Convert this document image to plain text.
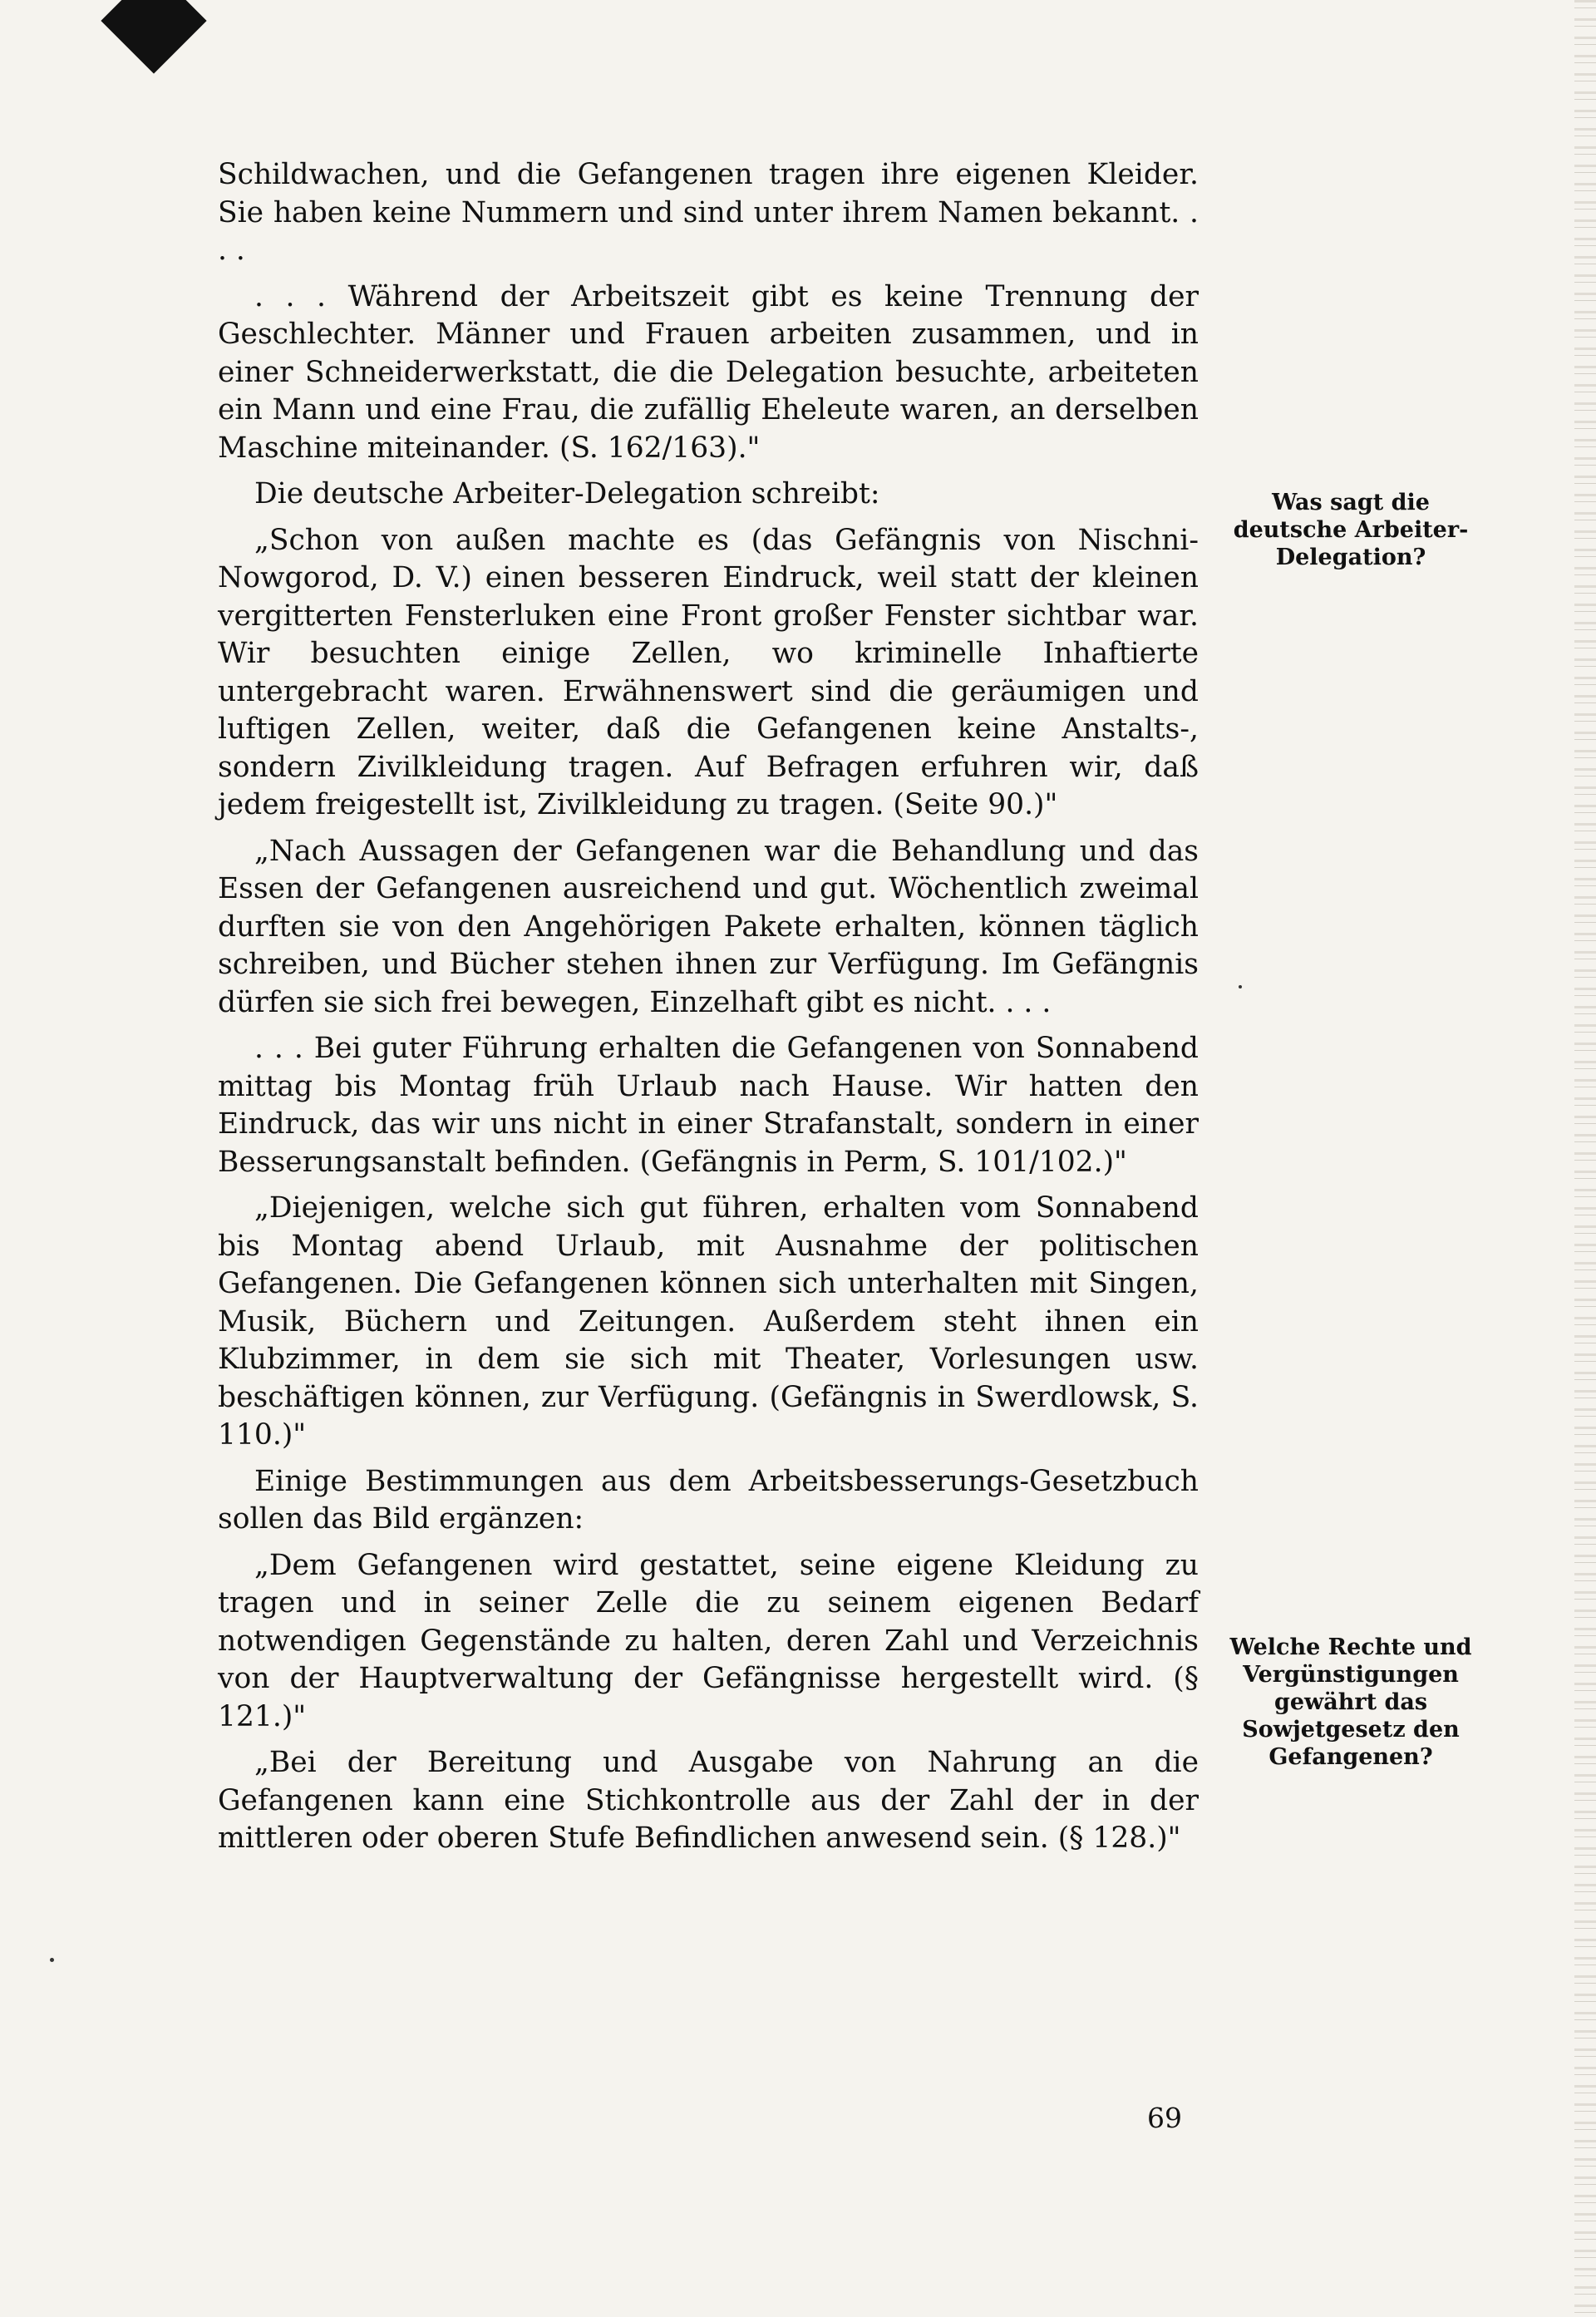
Schildwachen, und die Gefangenen tragen ihre eigenen Kleider. Sie haben keine Nummern und sind unter ihrem Namen bekannt. . . .

. . . Während der Arbeitszeit gibt es keine Trennung der Geschlechter. Männer und Frauen arbeiten zusammen, und in einer Schneiderwerkstatt, die die Delegation besuchte, arbeiteten ein Mann und eine Frau, die zufällig Eheleute waren, an derselben Maschine miteinander. (S. 162/163)."

Die deutsche Arbeiter-Delegation schreibt:

„Schon von außen machte es (das Gefängnis von Nischni-Nowgorod, D. V.) einen besseren Eindruck, weil statt der kleinen vergitterten Fensterluken eine Front großer Fenster sichtbar war. Wir besuchten einige Zellen, wo kriminelle Inhaftierte untergebracht waren. Erwähnenswert sind die geräumigen und luftigen Zellen, weiter, daß die Gefangenen keine Anstalts-, sondern Zivilkleidung tragen. Auf Befragen erfuhren wir, daß jedem freigestellt ist, Zivilkleidung zu tragen. (Seite 90.)"

„Nach Aussagen der Gefangenen war die Behandlung und das Essen der Gefangenen ausreichend und gut. Wöchentlich zweimal durften sie von den Angehörigen Pakete erhalten, können täglich schreiben, und Bücher stehen ihnen zur Verfügung. Im Gefängnis dürfen sie sich frei bewegen, Einzelhaft gibt es nicht. . . .

. . . Bei guter Führung erhalten die Gefangenen von Sonnabend mittag bis Montag früh Urlaub nach Hause. Wir hatten den Eindruck, das wir uns nicht in einer Strafanstalt, sondern in einer Besserungsanstalt befinden. (Gefängnis in Perm, S. 101/102.)"

„Diejenigen, welche sich gut führen, erhalten vom Sonnabend bis Montag abend Urlaub, mit Ausnahme der politischen Gefangenen. Die Gefangenen können sich unterhalten mit Singen, Musik, Büchern und Zeitungen. Außerdem steht ihnen ein Klubzimmer, in dem sie sich mit Theater, Vorlesungen usw. beschäftigen können, zur Verfügung. (Gefängnis in Swerdlowsk, S. 110.)"

Einige Bestimmungen aus dem Arbeitsbesserungs-Gesetzbuch sollen das Bild ergänzen:

„Dem Gefangenen wird gestattet, seine eigene Kleidung zu tragen und in seiner Zelle die zu seinem eigenen Bedarf notwendigen Gegenstände zu halten, deren Zahl und Verzeichnis von der Hauptverwaltung der Gefängnisse hergestellt wird. (§ 121.)"

„Bei der Bereitung und Ausgabe von Nahrung an die Gefangenen kann eine Stichkontrolle aus der Zahl der in der mittleren oder oberen Stufe Befindlichen anwesend sein. (§ 128.)"

Was sagt die
deutsche Arbeiter-
Delegation?
Welche Rechte und
Vergünstigungen
gewährt das
Sowjetgesetz den
Gefangenen?
69
